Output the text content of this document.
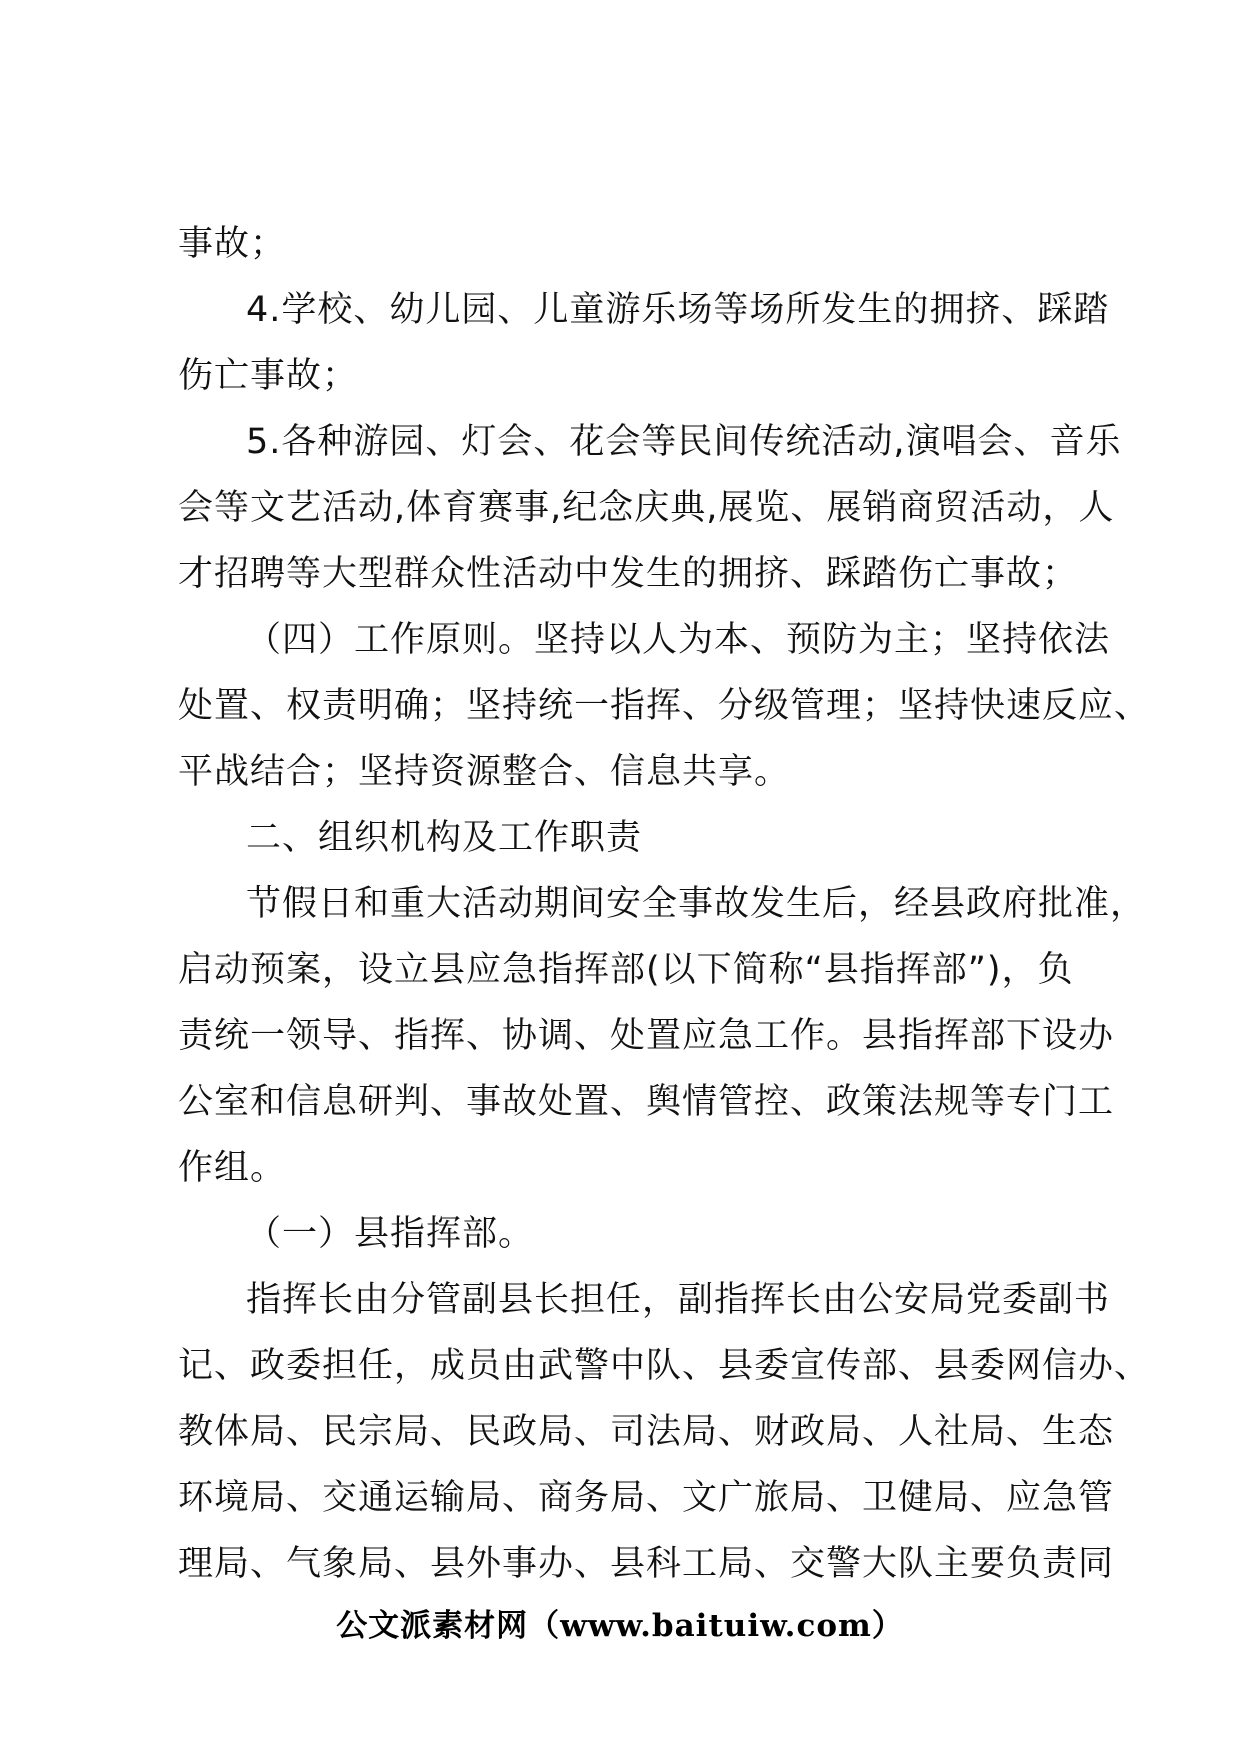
事故；
4.学校、幼儿园、儿童游乐场等场所发生的拥挤、踩踏
伤亡事故；
5.各种游园、灯会、花会等民间传统活动,演唱会、音乐
会等文艺活动,体育赛事,纪念庆典,展览、展销商贸活动，人
才招聘等大型群众性活动中发生的拥挤、踩踏伤亡事故；
（四）工作原则。坚持以人为本、预防为主；坚持依法
处置、权责明确；坚持统一指挥、分级管理；坚持快速反应、
平战结合；坚持资源整合、信息共享。
二、组织机构及工作职责
节假日和重大活动期间安全事故发生后，经县政府批准，
启动预案，设立县应急指挥部(以下简称“县指挥部”)，负
责统一领导、指挥、协调、处置应急工作。县指挥部下设办
公室和信息研判、事故处置、舆情管控、政策法规等专门工
作组。
（一）县指挥部。
指挥长由分管副县长担任，副指挥长由公安局党委副书
记、政委担任，成员由武警中队、县委宣传部、县委网信办、
教体局、民宗局、民政局、司法局、财政局、人社局、生态
环境局、交通运输局、商务局、文广旅局、卫健局、应急管
理局、气象局、县外事办、县科工局、交警大队主要负责同
公文派素材网（www.baituiw.com）
